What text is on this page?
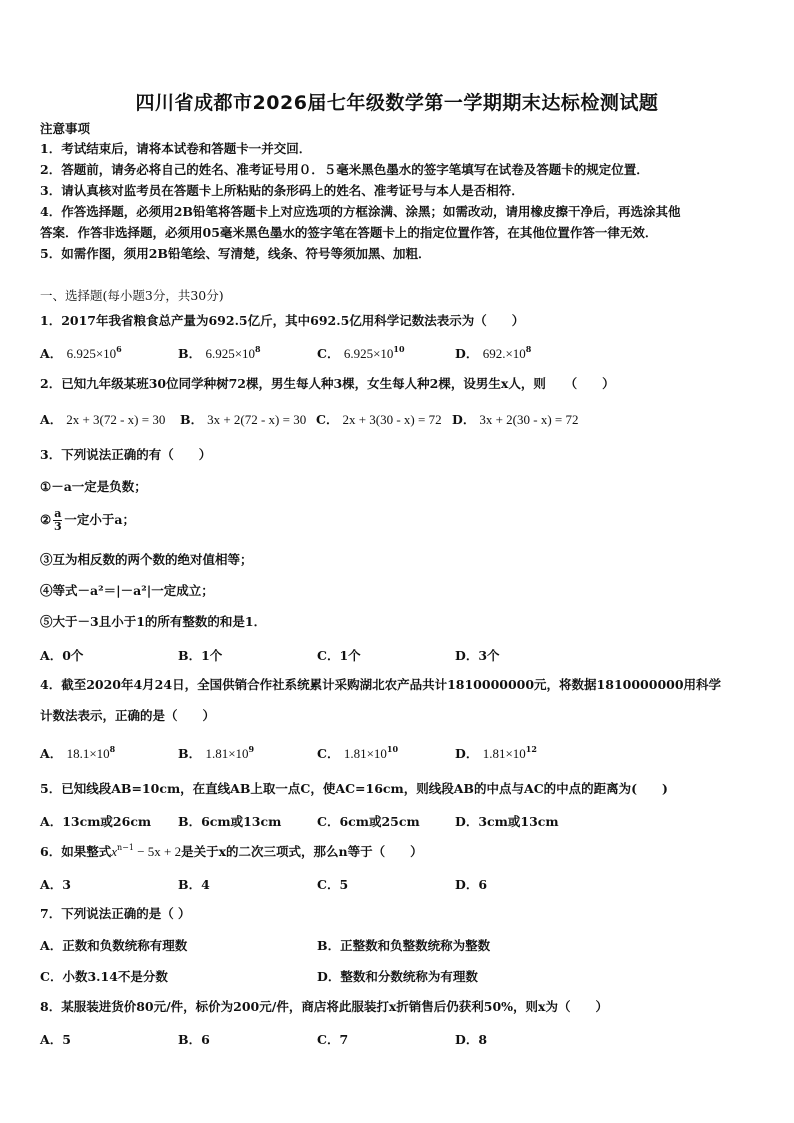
四川省成都市2026届七年级数学第一学期期末达标检测试题
注意事项
1．考试结束后，请将本试卷和答题卡一并交回．
2．答题前，请务必将自己的姓名、准考证号用０．５毫米黑色墨水的签字笔填写在试卷及答题卡的规定位置．
3．请认真核对监考员在答题卡上所粘贴的条形码上的姓名、准考证号与本人是否相符．
4．作答选择题，必须用2B铅笔将答题卡上对应选项的方框涂满、涂黑；如需改动，请用橡皮擦干净后，再选涂其他
答案．作答非选择题，必须用05毫米黑色墨水的签字笔在答题卡上的指定位置作答，在其他位置作答一律无效．
5．如需作图，须用2B铅笔绘、写清楚，线条、符号等须加黑、加粗．
一、选择题(每小题3分，共30分)
1．2017年我省粮食总产量为692.5亿斤，其中692.5亿用科学记数法表示为（　　）
A． $6.925\times 10^6$	B． $6.925\times 10^8$	C． $6.925\times 10^{10}$	D． $692.\times 10^8$
2．已知九年级某班30位同学种树72棵，男生每人种3棵，女生每人种2棵，设男生x人，则　　（　　）
A． 2x + 3(72 - x) = 30 B． 3x + 2(72 - x) = 30 C． 2x + 3(30 - x) = 72 D． 3x + 2(30 - x) = 72
3．下列说法正确的有（　　）
①－a一定是负数；
② $\frac{a}{3}$ 一定小于a；
③互为相反数的两个数的绝对值相等；
④等式－a²＝|－a²|一定成立；
⑤大于－3且小于1的所有整数的和是1．
A．0个	B．1个	C．1个	D．3个
4．截至2020年4月24日，全国供销合作社系统累计采购湖北农产品共计1810000000元，将数据1810000000用科学
计数法表示，正确的是（　　）
A． $18.1\times 10^8$	B． $1.81\times 10^9$	C． $1.81\times 10^{10}$	D． $1.81\times 10^{12}$
5．已知线段AB=10cm，在直线AB上取一点C，使AC=16cm，则线段AB的中点与AC的中点的距离为(　　)
A．13cm或26cm B．6cm或13cm	C．6cm或25cm	D．3cm或13cm
6．如果整式$x^{n-1} - 5x + 2$是关于x的二次三项式，那么n等于（　　）
A．3	B．4	C．5	D．6
7．下列说法正确的是（ ）
A．正数和负数统称有理数	B．正整数和负整数统称为整数
C．小数3.14不是分数	D．整数和分数统称为有理数
8．某服装进货价80元/件，标价为200元/件，商店将此服装打x折销售后仍获利50%，则x为（　　）
A．5	B．6	C．7	D．8
